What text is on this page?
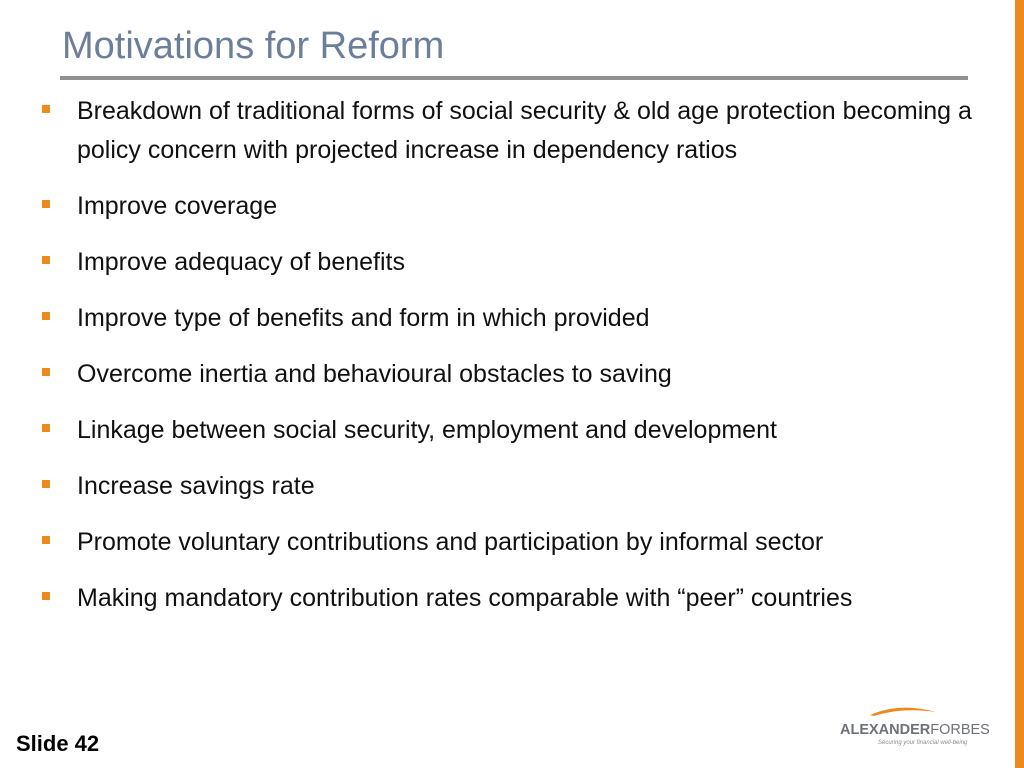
Motivations for Reform
Breakdown of traditional forms of social security & old age protection becoming a policy concern with projected increase in dependency ratios
Improve coverage
Improve adequacy of benefits
Improve type of benefits and form in which provided
Overcome inertia and behavioural obstacles to saving
Linkage between social security, employment and development
Increase savings rate
Promote voluntary contributions and participation by informal sector
Making mandatory contribution rates comparable with “peer” countries
Slide 42
ALEXANDERFORBES
Securing your financial well-being
